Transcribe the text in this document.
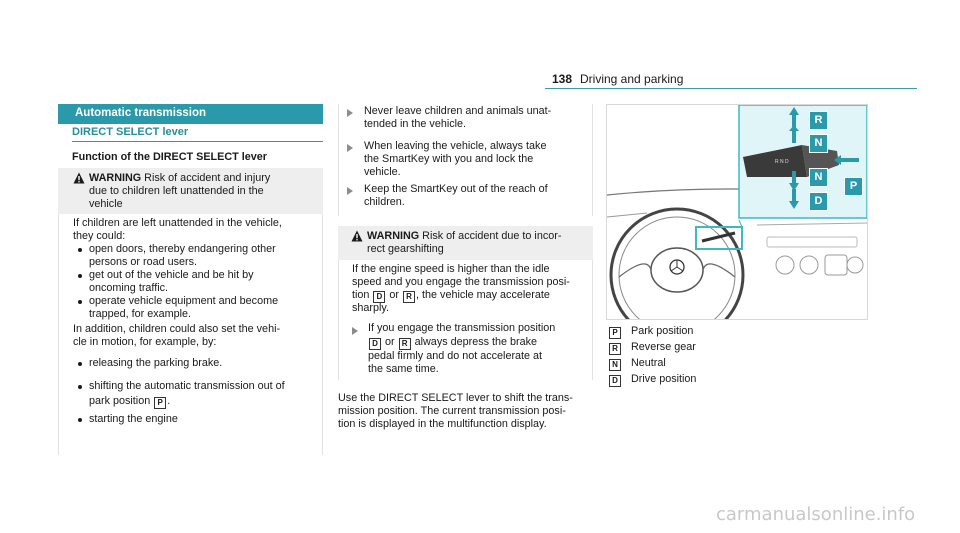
138 Driving and parking
Automatic transmission
DIRECT SELECT lever
Function of the DIRECT SELECT lever
WARNING Risk of accident and injury
due to children left unattended in the
vehicle
If children are left unattended in the vehicle,
they could:
open doors, thereby endangering other
persons or road users.
get out of the vehicle and be hit by
oncoming traffic.
operate vehicle equipment and become
trapped, for example.
In addition, children could also set the vehi-
cle in motion, for example, by:
releasing the parking brake.
shifting the automatic transmission out of
park position P .
starting the engine
Never leave children and animals unat-
tended in the vehicle.
When leaving the vehicle, always take
the SmartKey with you and lock the
vehicle.
Keep the SmartKey out of the reach of
children.
WARNING Risk of accident due to incor-
rect gearshifting
If the engine speed is higher than the idle
speed and you engage the transmission posi-
tion D or R , the vehicle may accelerate
sharply.
If you engage the transmission position
D or R always depress the brake
pedal firmly and do not accelerate at
the same time.
Use the DIRECT SELECT lever to shift the trans-
mission position. The current transmission posi-
tion is displayed in the multifunction display.
R N D
R
N
N
D
P
P Park position
R Reverse gear
N Neutral
D Drive position
carmanualsonline.info
